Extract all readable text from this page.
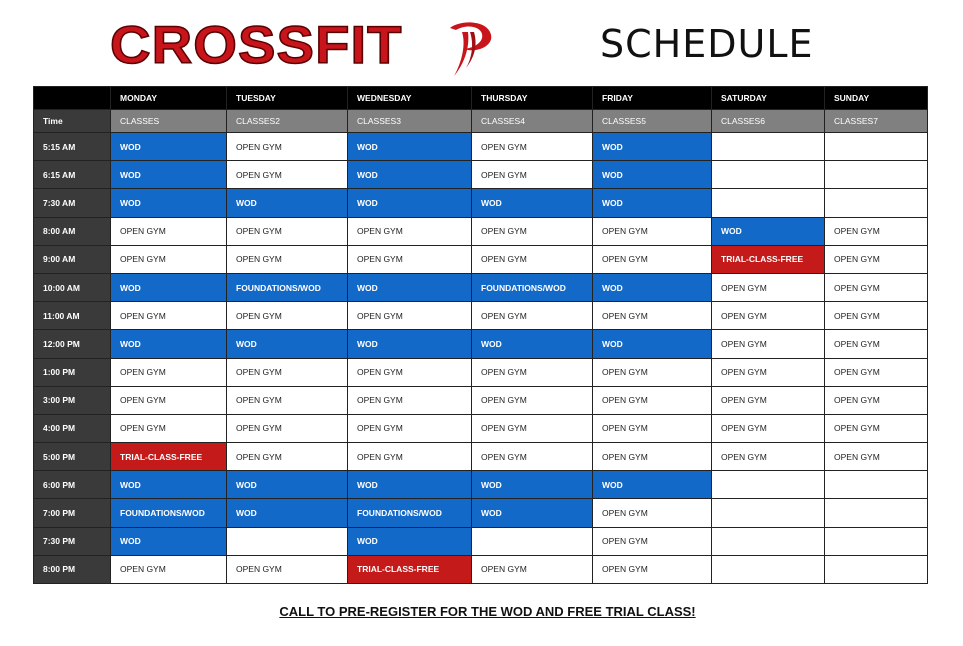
CROSSFIT	SCHEDULE
	MONDAY	TUESDAY	WEDNESDAY	THURSDAY	FRIDAY	SATURDAY	SUNDAY
Time	CLASSES	CLASSES2	CLASSES3	CLASSES4	CLASSES5	CLASSES6	CLASSES7
5:15 AM	WOD	OPEN GYM	WOD	OPEN GYM	WOD		
6:15 AM	WOD	OPEN GYM	WOD	OPEN GYM	WOD		
7:30 AM	WOD	WOD	WOD	WOD	WOD		
8:00 AM	OPEN GYM	OPEN GYM	OPEN GYM	OPEN GYM	OPEN GYM	WOD	OPEN GYM
9:00 AM	OPEN GYM	OPEN GYM	OPEN GYM	OPEN GYM	OPEN GYM	TRIAL-CLASS-FREE	OPEN GYM
10:00 AM	WOD	FOUNDATIONS/WOD	WOD	FOUNDATIONS/WOD	WOD	OPEN GYM	OPEN GYM
11:00 AM	OPEN GYM	OPEN GYM	OPEN GYM	OPEN GYM	OPEN GYM	OPEN GYM	OPEN GYM
12:00 PM	WOD	WOD	WOD	WOD	WOD	OPEN GYM	OPEN GYM
1:00 PM	OPEN GYM	OPEN GYM	OPEN GYM	OPEN GYM	OPEN GYM	OPEN GYM	OPEN GYM
3:00 PM	OPEN GYM	OPEN GYM	OPEN GYM	OPEN GYM	OPEN GYM	OPEN GYM	OPEN GYM
4:00 PM	OPEN GYM	OPEN GYM	OPEN GYM	OPEN GYM	OPEN GYM	OPEN GYM	OPEN GYM
5:00 PM	TRIAL-CLASS-FREE	OPEN GYM	OPEN GYM	OPEN GYM	OPEN GYM	OPEN GYM	OPEN GYM
6:00 PM	WOD	WOD	WOD	WOD	WOD		
7:00 PM	FOUNDATIONS/WOD	WOD	FOUNDATIONS/WOD	WOD	OPEN GYM		
7:30 PM	WOD		WOD		OPEN GYM		
8:00 PM	OPEN GYM	OPEN GYM	TRIAL-CLASS-FREE	OPEN GYM	OPEN GYM		
CALL TO PRE-REGISTER FOR THE WOD AND FREE TRIAL CLASS!
